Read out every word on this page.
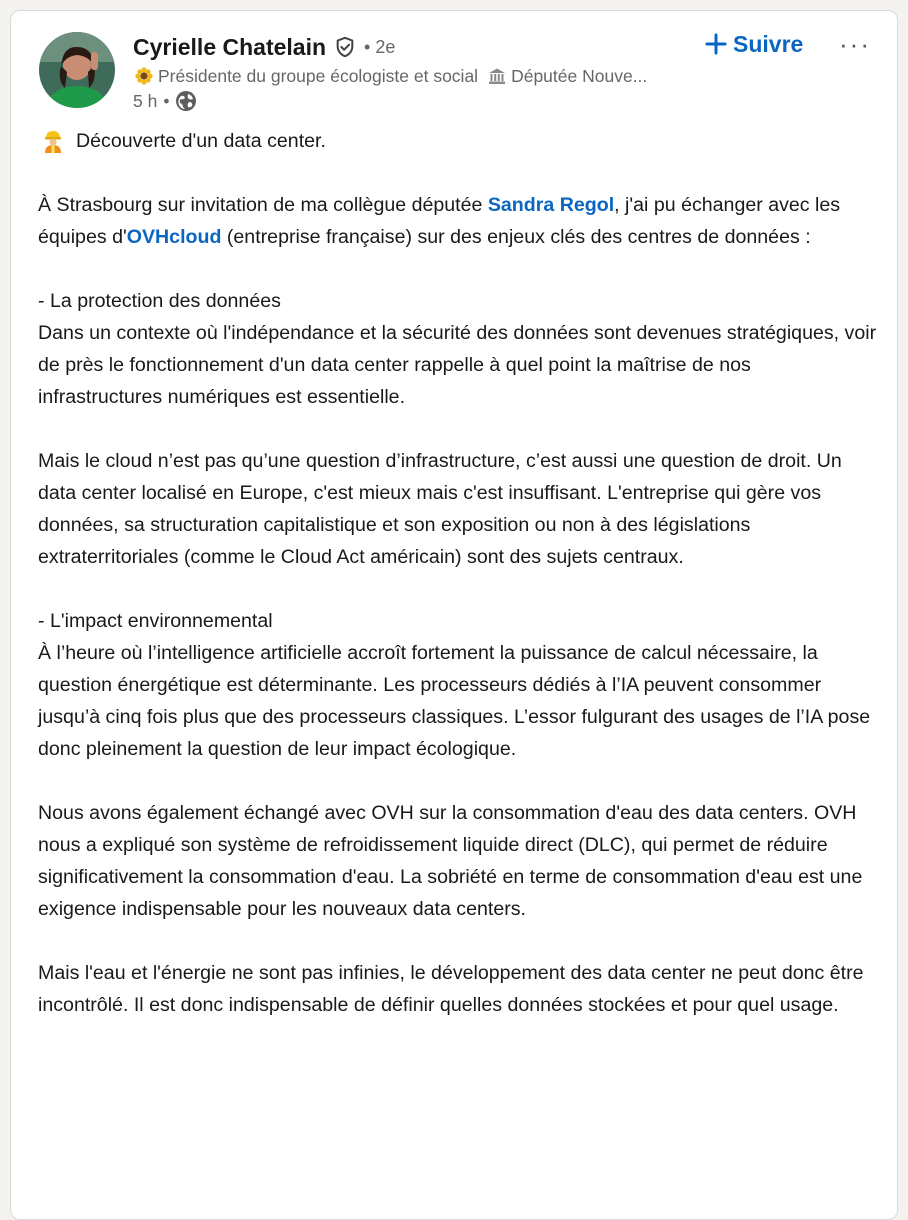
Cyrielle Chatelain • 2e
Présidente du groupe écologiste et social Députée Nouve...
5 h •
Suivre ···

Découverte d'un data center.

À Strasbourg sur invitation de ma collègue députée Sandra Regol, j'ai pu échanger avec les équipes d'OVHcloud (entreprise française) sur des enjeux clés des centres de données :

- La protection des données

Dans un contexte où l'indépendance et la sécurité des données sont devenues stratégiques, voir de près le fonctionnement d'un data center rappelle à quel point la maîtrise de nos infrastructures numériques est essentielle.

Mais le cloud n’est pas qu’une question d’infrastructure, c’est aussi une question de droit. Un data center localisé en Europe, c'est mieux mais c'est insuffisant. L'entreprise qui gère vos données, sa structuration capitalistique et son exposition ou non à des législations extraterritoriales (comme le Cloud Act américain) sont des sujets centraux.

- L'impact environnemental

À l’heure où l’intelligence artificielle accroît fortement la puissance de calcul nécessaire, la question énergétique est déterminante. Les processeurs dédiés à l’IA peuvent consommer jusqu’à cinq fois plus que des processeurs classiques. L’essor fulgurant des usages de l’IA pose donc pleinement la question de leur impact écologique.

Nous avons également échangé avec OVH sur la consommation d'eau des data centers. OVH nous a expliqué son système de refroidissement liquide direct (DLC), qui permet de réduire significativement la consommation d'eau. La sobriété en terme de consommation d'eau est une exigence indispensable pour les nouveaux data centers.

Mais l'eau et l'énergie ne sont pas infinies, le développement des data center ne peut donc être incontrôlé. Il est donc indispensable de définir quelles données stockées et pour quel usage.
